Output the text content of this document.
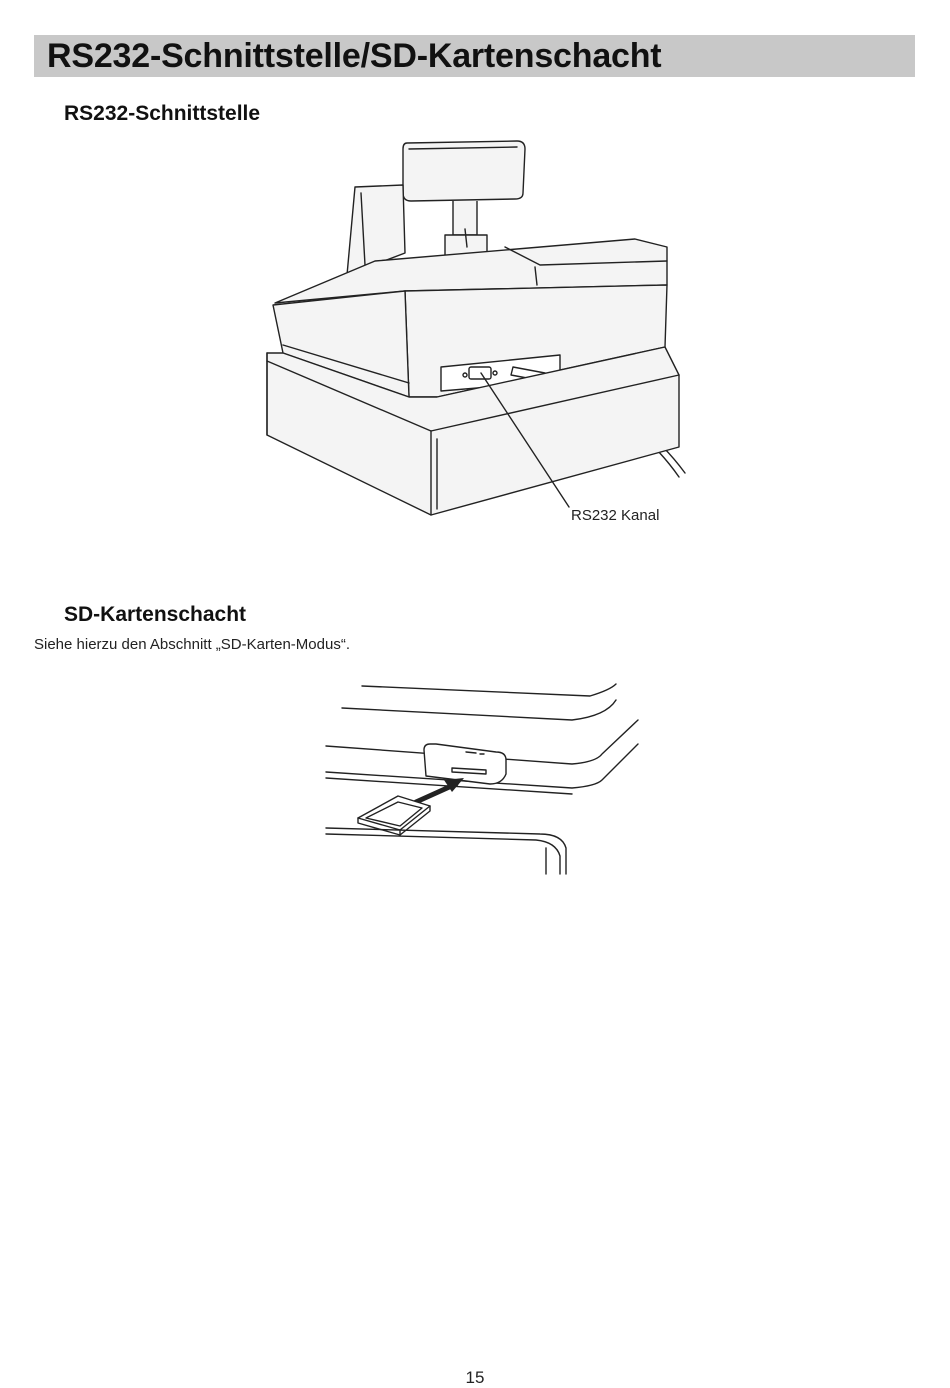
RS232-Schnittstelle/SD-Kartenschacht
RS232-Schnittstelle
RS232 Kanal
SD-Kartenschacht
Siehe hierzu den Abschnitt „SD-Karten-Modus“.
15
